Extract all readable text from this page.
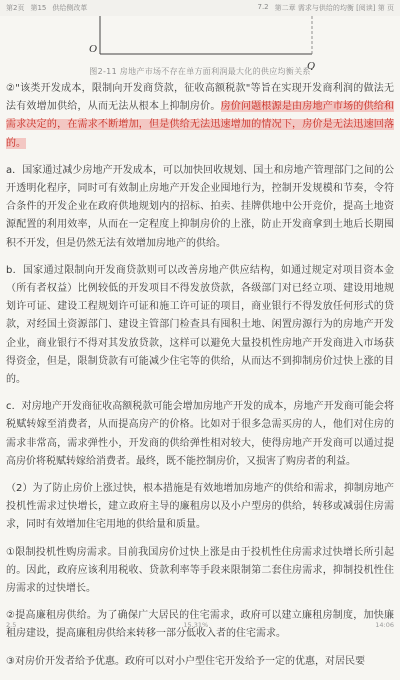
第2页 第15 供给侧改革	7.2 第二章 需求与供给的均衡 [阅读] 第 页
O
Q
图2-11 房地产市场不存在单方面利润最大化的供应均衡关系

②"该类开发成本，限制向开发商贷款，征收高额税款"等旨在实现开发商利润的做法无法有效增加供给，从而无法从根本上抑制房价。房价问题根源是由房地产市场的供给和需求决定的，在需求不断增加，但是供给无法迅速增加的情况下，房价是无法迅速回落的。

a．国家通过减少房地产开发成本，可以加快回收规划、国土和房地产管理部门之间的公开透明化程序，同时可有效制止房地产开发企业囤地行为，控制开发规模和节奏，令符合条件的开发企业在政府供地规划内的招标、拍卖、挂牌供地中公开竞价，提高土地资源配置的利用效率，从而在一定程度上抑制房价的上涨，防止开发商拿到土地后长期囤积不开发，但是仍然无法有效增加房地产的供给。

b．国家通过限制向开发商贷款则可以改善房地产供应结构，如通过规定对项目资本金（所有者权益）比例较低的开发项目不得发放贷款，各级部门对已经立项、建设用地规划许可证、建设工程规划许可证和施工许可证的项目，商业银行不得发放任何形式的贷款，对经国土资源部门、建设主管部门检查具有囤积土地、闲置房源行为的房地产开发企业，商业银行不得对其发放贷款，这样可以避免大量投机性房地产开发商进入市场获得资金，但是，限制贷款有可能减少住宅等的供给，从而达不到抑制房价过快上涨的目的。

c．对房地产开发商征收高额税款可能会增加房地产开发的成本，房地产开发商可能会将税赋转嫁至消费者，从而提高房产的价格。比如对于很多急需买房的人，他们对住房的需求非常高，需求弹性小，开发商的供给弹性相对较大，使得房地产开发商可以通过提高房价将税赋转嫁给消费者。最终，既不能控制房价，又损害了购房者的利益。

（2）为了防止房价上涨过快，根本措施是有效地增加房地产的供给和需求，抑制房地产投机性需求过快增长，建立政府主导的廉租房以及小户型房的供给，转移或减弱住房需求，同时有效增加住宅用地的供给量和质量。

①限制投机性购房需求。目前我国房价过快上涨是由于投机性住房需求过快增长所引起的。因此，政府应该利用税收、贷款利率等手段来限制第二套住房需求，抑制投机性住房需求的过快增长。

②提高廉租房供给。为了确保广大居民的住宅需求，政府可以建立廉租房制度，加快廉租房建设，提高廉租房供给来转移一部分低收入者的住宅需求。

③对房价开发者给予优惠。政府可以对小户型住宅开发给予一定的优惠，对居民要

2.5	15.31%	14:06
